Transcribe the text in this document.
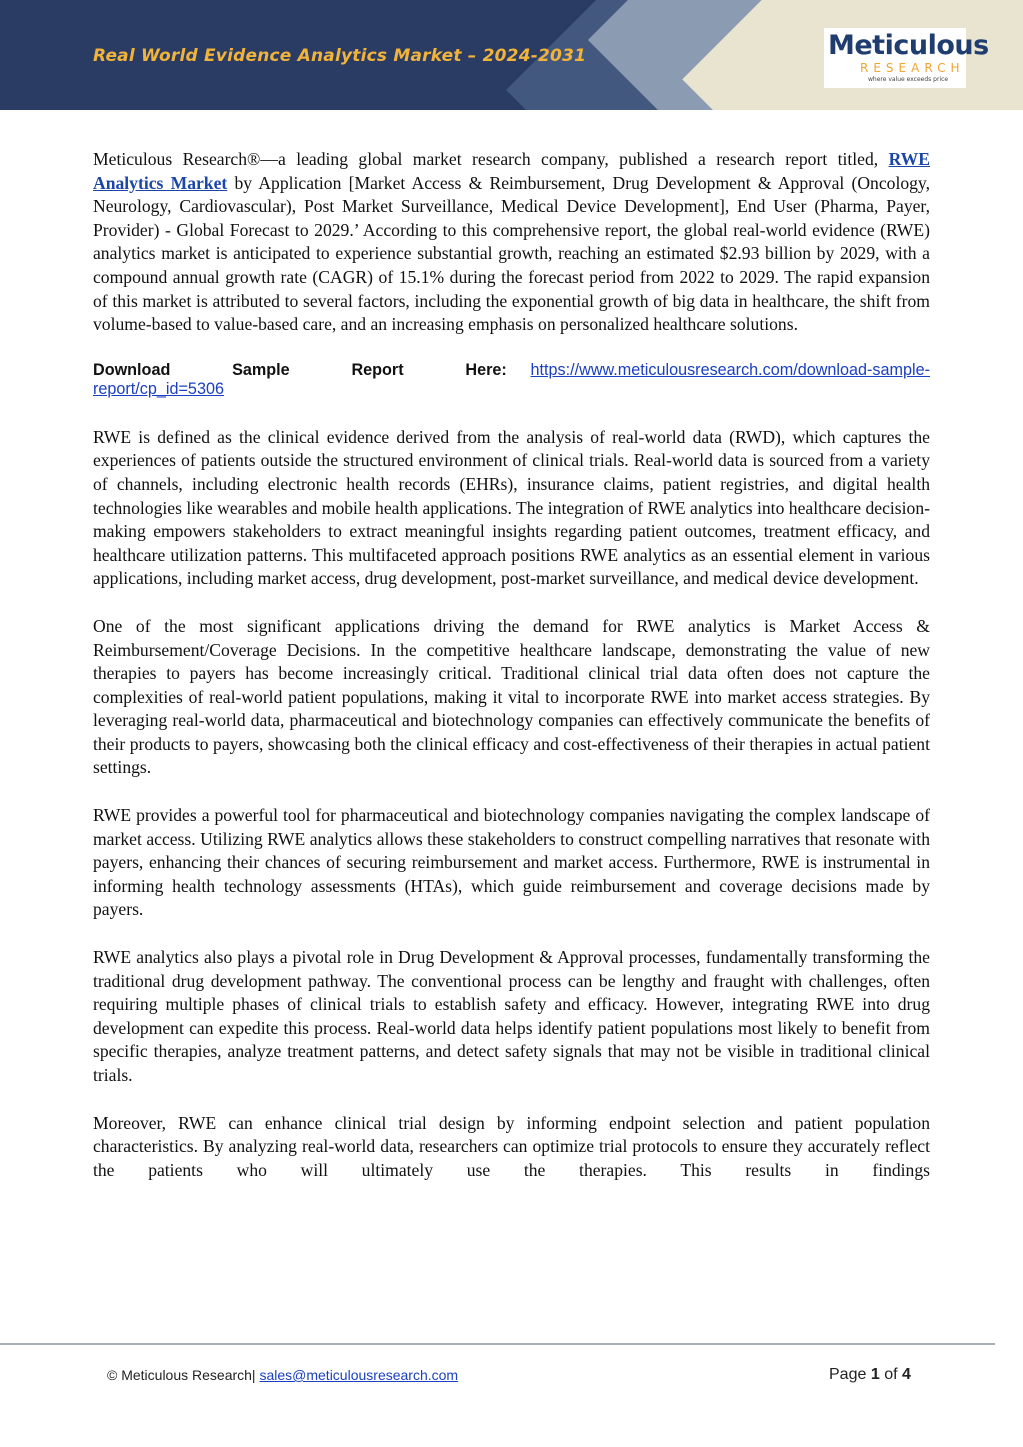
Real World Evidence Analytics Market – 2024-2031	Meticulous
RESEARCH
where value exceeds price

Meticulous Research®—a leading global market research company, published a research report titled, RWE Analytics Market by Application [Market Access & Reimbursement, Drug Development & Approval (Oncology, Neurology, Cardiovascular), Post Market Surveillance, Medical Device Development], End User (Pharma, Payer, Provider) - Global Forecast to 2029.’ According to this comprehensive report, the global real-world evidence (RWE) analytics market is anticipated to experience substantial growth, reaching an estimated $2.93 billion by 2029, with a compound annual growth rate (CAGR) of 15.1% during the forecast period from 2022 to 2029. The rapid expansion of this market is attributed to several factors, including the exponential growth of big data in healthcare, the shift from volume-based to value-based care, and an increasing emphasis on personalized healthcare solutions.

Download Sample Report Here: https://www.meticulousresearch.com/download-sample-report/cp_id=5306

RWE is defined as the clinical evidence derived from the analysis of real-world data (RWD), which captures the experiences of patients outside the structured environment of clinical trials. Real-world data is sourced from a variety of channels, including electronic health records (EHRs), insurance claims, patient registries, and digital health technologies like wearables and mobile health applications. The integration of RWE analytics into healthcare decision-making empowers stakeholders to extract meaningful insights regarding patient outcomes, treatment efficacy, and healthcare utilization patterns. This multifaceted approach positions RWE analytics as an essential element in various applications, including market access, drug development, post-market surveillance, and medical device development.

One of the most significant applications driving the demand for RWE analytics is Market Access & Reimbursement/Coverage Decisions. In the competitive healthcare landscape, demonstrating the value of new therapies to payers has become increasingly critical. Traditional clinical trial data often does not capture the complexities of real-world patient populations, making it vital to incorporate RWE into market access strategies. By leveraging real-world data, pharmaceutical and biotechnology companies can effectively communicate the benefits of their products to payers, showcasing both the clinical efficacy and cost-effectiveness of their therapies in actual patient settings.

RWE provides a powerful tool for pharmaceutical and biotechnology companies navigating the complex landscape of market access. Utilizing RWE analytics allows these stakeholders to construct compelling narratives that resonate with payers, enhancing their chances of securing reimbursement and market access. Furthermore, RWE is instrumental in informing health technology assessments (HTAs), which guide reimbursement and coverage decisions made by payers.

RWE analytics also plays a pivotal role in Drug Development & Approval processes, fundamentally transforming the traditional drug development pathway. The conventional process can be lengthy and fraught with challenges, often requiring multiple phases of clinical trials to establish safety and efficacy. However, integrating RWE into drug development can expedite this process. Real-world data helps identify patient populations most likely to benefit from specific therapies, analyze treatment patterns, and detect safety signals that may not be visible in traditional clinical trials.

Moreover, RWE can enhance clinical trial design by informing endpoint selection and patient population characteristics. By analyzing real-world data, researchers can optimize trial protocols to ensure they accurately reflect the patients who will ultimately use the therapies. This results in findings

© Meticulous Research| sales@meticulousresearch.com	Page 1 of 4
